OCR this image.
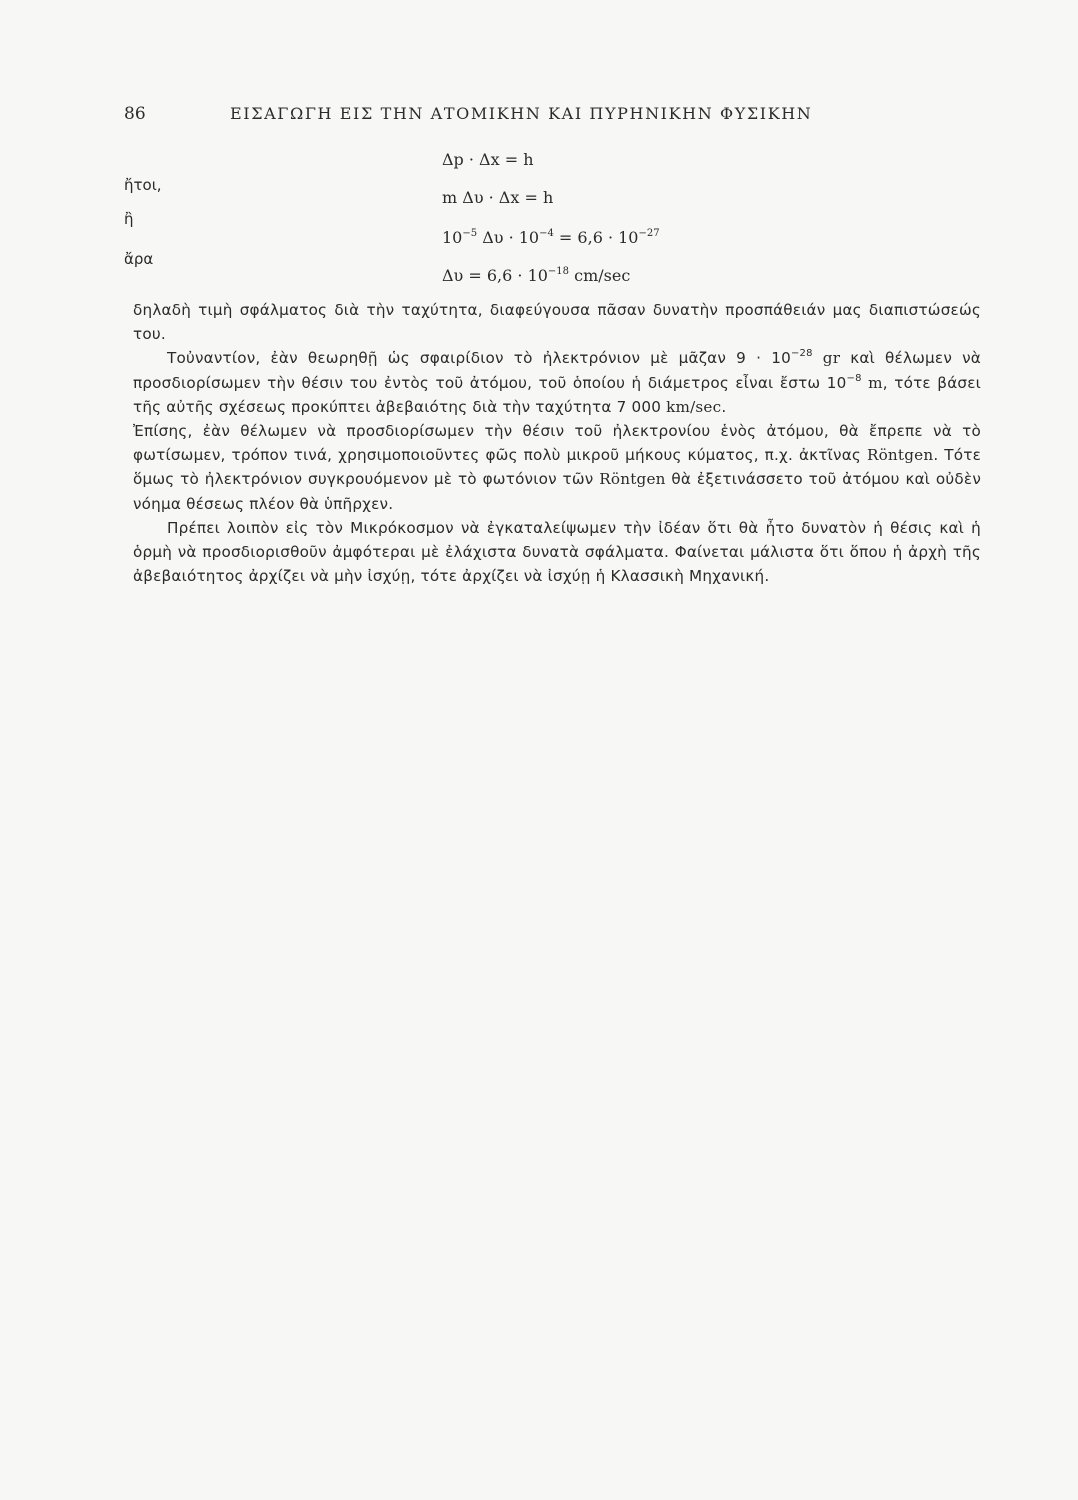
86	ΕΙΣΑΓΩΓΗ ΕΙΣ ΤΗΝ ΑΤΟΜΙΚΗΝ ΚΑΙ ΠΥΡΗΝΙΚΗΝ ΦΥΣΙΚΗΝ
Δp · Δx = h
ἤτοι,
m Δυ · Δx = h
ἢ
$10^{-5}$ $\Delta\upsilon \cdot 10^{-4} = 6,6 \cdot 10^{-27}$
ἄρα
$\Delta\upsilon = 6,6 \cdot 10^{-18}$ cm/sec

δηλαδὴ τιμὴ σφάλματος διὰ τὴν ταχύτητα, διαφεύγουσα πᾶσαν δυνατὴν προσπάθειάν μας διαπιστώσεώς του.

Τοὐναντίον, ἐὰν θεωρηθῇ ὡς σφαιρίδιον τὸ ἠλεκτρόνιον μὲ μᾶζαν $9 \cdot 10^{-28}$ gr καὶ θέλωμεν νὰ προσδιορίσωμεν τὴν θέσιν του ἐντὸς τοῦ ἀτόμου, τοῦ ὁποίου ἡ διάμετρος εἶναι ἔστω $10^{-8}$ m, τότε βάσει τῆς αὐτῆς σχέσεως προκύπτει ἀβεβαιότης διὰ τὴν ταχύτητα 7 000 km/sec.

Ἐπίσης, ἐὰν θέλωμεν νὰ προσδιορίσωμεν τὴν θέσιν τοῦ ἠλεκτρονίου ἑνὸς ἀτόμου, θὰ ἔπρεπε νὰ τὸ φωτίσωμεν, τρόπον τινά, χρησιμοποιοῦντες φῶς πολὺ μικροῦ μήκους κύματος, π.χ. ἀκτῖνας Röntgen. Τότε ὅμως τὸ ἠλεκτρόνιον συγκρουόμενον μὲ τὸ φωτόνιον τῶν Röntgen θὰ ἐξετινάσσετο τοῦ ἀτόμου καὶ οὐδὲν νόημα θέσεως πλέον θὰ ὑπῆρχεν.

Πρέπει λοιπὸν εἰς τὸν Μικρόκοσμον νὰ ἐγκαταλείψωμεν τὴν ἰδέαν ὅτι θὰ ἦτο δυνατὸν ἡ θέσις καὶ ἡ ὁρμὴ νὰ προσδιορισθοῦν ἀμφότεραι μὲ ἐλάχιστα δυνατὰ σφάλματα. Φαίνεται μάλιστα ὅτι ὅπου ἡ ἀρχὴ τῆς ἀβεβαιότητος ἀρχίζει νὰ μὴν ἰσχύῃ, τότε ἀρχίζει νὰ ἰσχύῃ ἡ Κλασσικὴ Μηχανική.
